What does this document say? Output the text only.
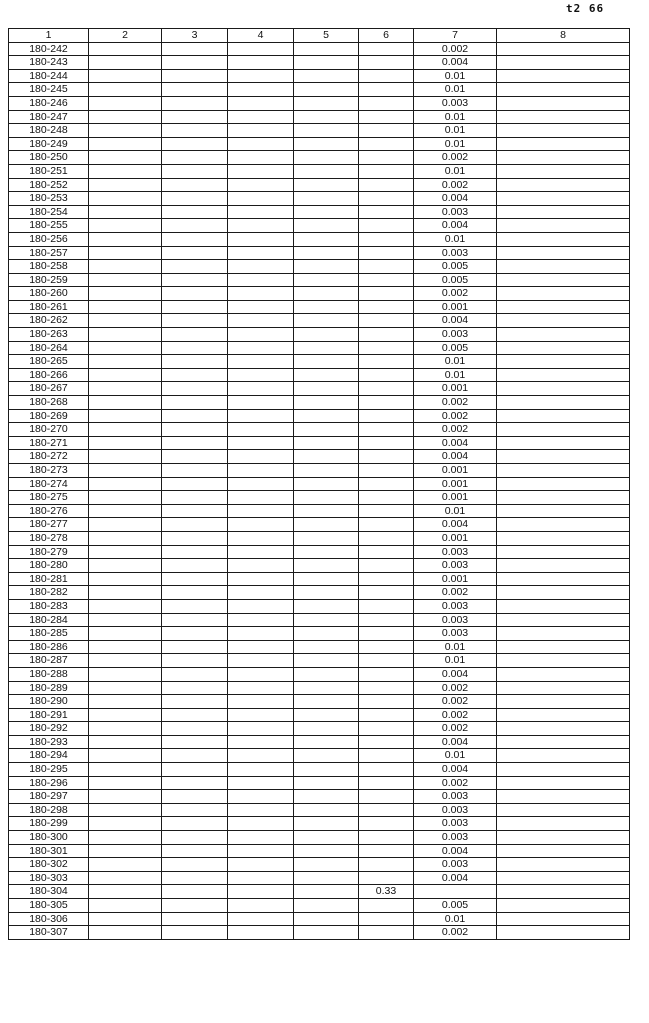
t2 66
1	2	3	4	5	6	7	8
180-242						0.002	
180-243						0.004	
180-244						0.01	
180-245						0.01	
180-246						0.003	
180-247						0.01	
180-248						0.01	
180-249						0.01	
180-250						0.002	
180-251						0.01	
180-252						0.002	
180-253						0.004	
180-254						0.003	
180-255						0.004	
180-256						0.01	
180-257						0.003	
180-258						0.005	
180-259						0.005	
180-260						0.002	
180-261						0.001	
180-262						0.004	
180-263						0.003	
180-264						0.005	
180-265						0.01	
180-266						0.01	
180-267						0.001	
180-268						0.002	
180-269						0.002	
180-270						0.002	
180-271						0.004	
180-272						0.004	
180-273						0.001	
180-274						0.001	
180-275						0.001	
180-276						0.01	
180-277						0.004	
180-278						0.001	
180-279						0.003	
180-280						0.003	
180-281						0.001	
180-282						0.002	
180-283						0.003	
180-284						0.003	
180-285						0.003	
180-286						0.01	
180-287						0.01	
180-288						0.004	
180-289						0.002	
180-290						0.002	
180-291						0.002	
180-292						0.002	
180-293						0.004	
180-294						0.01	
180-295						0.004	
180-296						0.002	
180-297						0.003	
180-298						0.003	
180-299						0.003	
180-300						0.003	
180-301						0.004	
180-302						0.003	
180-303						0.004	
180-304					0.33		
180-305						0.005	
180-306						0.01	
180-307						0.002	
